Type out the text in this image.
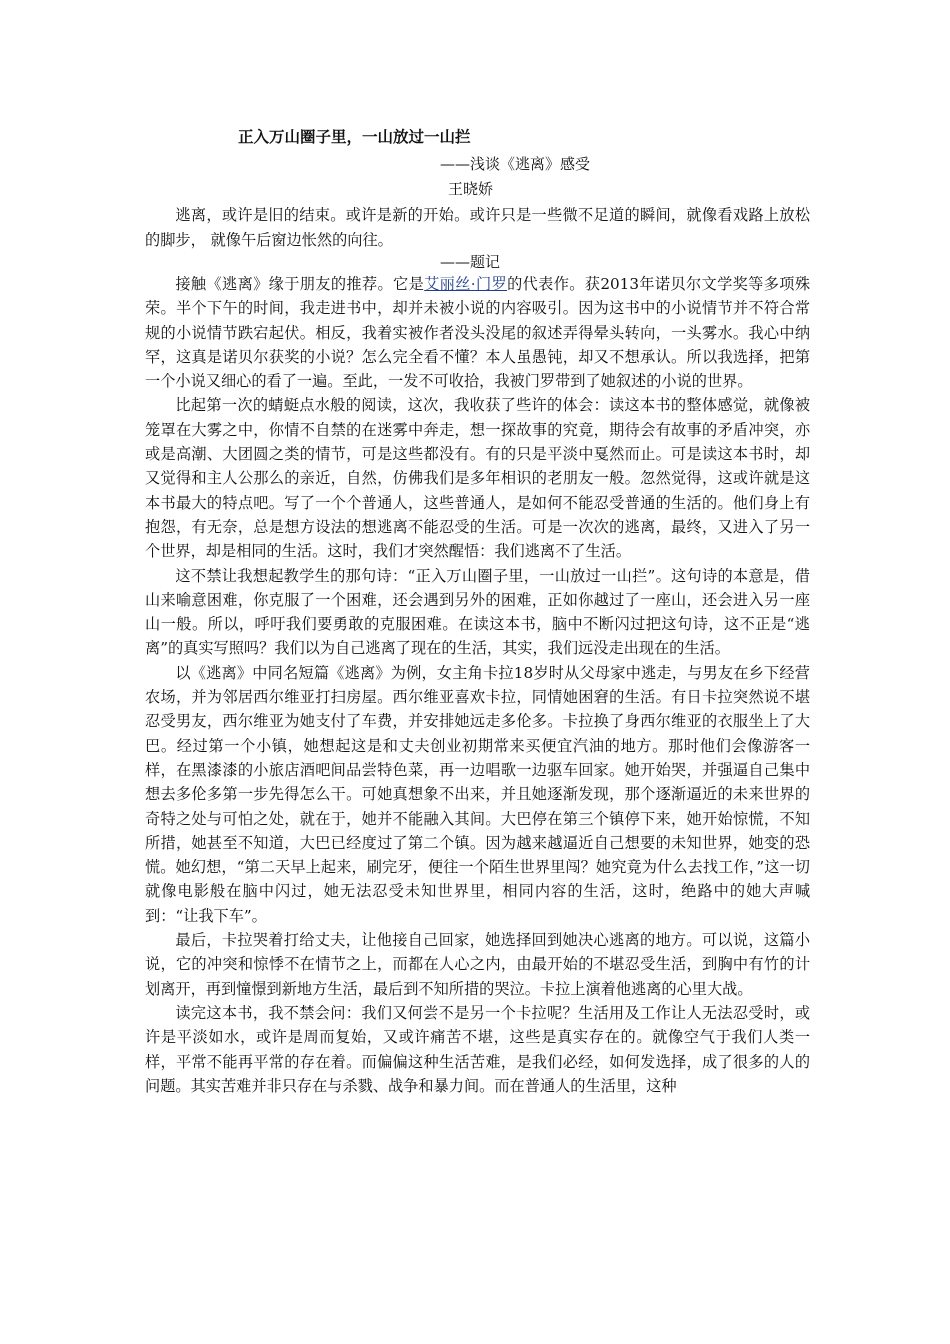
正入万山圈子里，一山放过一山拦
——浅谈《逃离》感受
王晓娇
逃离，或许是旧的结束。或许是新的开始。或许只是一些微不足道的瞬间，就像看戏路上放松的脚步， 就像午后窗边怅然的向往。
——题记

接触《逃离》缘于朋友的推荐。它是艾丽丝·门罗的代表作。获2013年诺贝尔文学奖等多项殊荣。半个下午的时间，我走进书中，却并未被小说的内容吸引。因为这书中的小说情节并不符合常规的小说情节跌宕起伏。相反，我着实被作者没头没尾的叙述弄得晕头转向，一头雾水。我心中纳罕，这真是诺贝尔获奖的小说？怎么完全看不懂？本人虽愚钝，却又不想承认。所以我选择，把第一个小说又细心的看了一遍。至此，一发不可收拾，我被门罗带到了她叙述的小说的世界。

比起第一次的蜻蜓点水般的阅读，这次，我收获了些许的体会：读这本书的整体感觉，就像被笼罩在大雾之中，你情不自禁的在迷雾中奔走，想一探故事的究竟，期待会有故事的矛盾冲突，亦或是高潮、大团圆之类的情节，可是这些都没有。有的只是平淡中戛然而止。可是读这本书时，却又觉得和主人公那么的亲近，自然，仿佛我们是多年相识的老朋友一般。忽然觉得，这或许就是这本书最大的特点吧。写了一个个普通人，这些普通人，是如何不能忍受普通的生活的。他们身上有抱怨，有无奈，总是想方设法的想逃离不能忍受的生活。可是一次次的逃离，最终，又进入了另一个世界，却是相同的生活。这时，我们才突然醒悟：我们逃离不了生活。

这不禁让我想起教学生的那句诗：“正入万山圈子里，一山放过一山拦”。这句诗的本意是，借山来喻意困难，你克服了一个困难，还会遇到另外的困难，正如你越过了一座山，还会进入另一座山一般。所以，呼吁我们要勇敢的克服困难。在读这本书，脑中不断闪过把这句诗，这不正是“逃离”的真实写照吗？我们以为自己逃离了现在的生活，其实，我们远没走出现在的生活。

以《逃离》中同名短篇《逃离》为例，女主角卡拉18岁时从父母家中逃走，与男友在乡下经营农场，并为邻居西尔维亚打扫房屋。西尔维亚喜欢卡拉，同情她困窘的生活。有日卡拉突然说不堪忍受男友，西尔维亚为她支付了车费，并安排她远走多伦多。卡拉换了身西尔维亚的衣服坐上了大巴。经过第一个小镇，她想起这是和丈夫创业初期常来买便宜汽油的地方。那时他们会像游客一样，在黑漆漆的小旅店酒吧间品尝特色菜，再一边唱歌一边驱车回家。她开始哭，并强逼自己集中想去多伦多第一步先得怎么干。可她真想象不出来，并且她逐渐发现，那个逐渐逼近的未来世界的奇特之处与可怕之处，就在于，她并不能融入其间。大巴停在第三个镇停下来，她开始惊慌，不知所措，她甚至不知道，大巴已经度过了第二个镇。因为越来越逼近自己想要的未知世界，她变的恐慌。她幻想，“第二天早上起来，刷完牙，便往一个陌生世界里闯？她究竟为什么去找工作，”这一切就像电影般在脑中闪过，她无法忍受未知世界里，相同内容的生活，这时，绝路中的她大声喊到：“让我下车”。

最后，卡拉哭着打给丈夫，让他接自己回家，她选择回到她决心逃离的地方。可以说，这篇小说，它的冲突和惊悸不在情节之上，而都在人心之内，由最开始的不堪忍受生活，到胸中有竹的计划离开，再到憧憬到新地方生活，最后到不知所措的哭泣。卡拉上演着他逃离的心里大战。

读完这本书，我不禁会问：我们又何尝不是另一个卡拉呢？生活用及工作让人无法忍受时，或许是平淡如水，或许是周而复始，又或许痛苦不堪，这些是真实存在的。就像空气于我们人类一样，平常不能再平常的存在着。而偏偏这种生活苦难，是我们必经，如何发选择，成了很多的人的问题。其实苦难并非只存在与杀戮、战争和暴力间。而在普通人的生活里，这种
